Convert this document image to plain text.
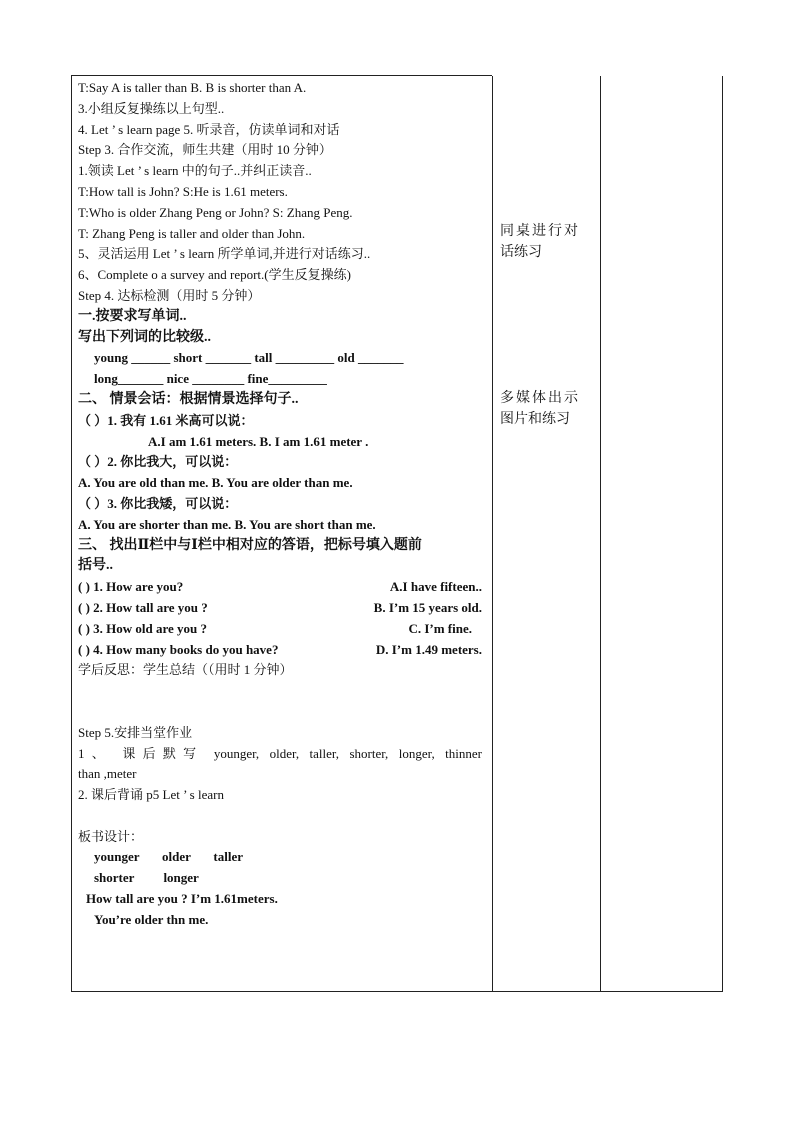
T:Say A is taller than B. B is shorter than A.
3.小组反复操练以上句型..
4. Let ’ s learn page 5. 听录音，仿读单词和对话
Step 3. 合作交流，师生共建（用时 10 分钟）
1.领读 Let ’ s learn 中的句子..并纠正读音..
T:How tall is John? S:He is 1.61 meters.
T:Who is older Zhang Peng or John? S: Zhang Peng.
T: Zhang Peng is taller and older than John.
5、灵活运用 Let ’ s learn 所学单词,并进行对话练习..
6、Complete o a survey and report.(学生反复操练)
Step 4. 达标检测（用时 5 分钟）
一.按要求写单词..
写出下列词的比较级..
young ______ short _______ tall _________ old _______
long_______ nice ________ fine_________
二、 情景会话：根据情景选择句子..
（ ）1. 我有 1.61 米高可以说：
A.I am 1.61 meters. B. I am 1.61 meter .
（ ）2. 你比我大，可以说：
A. You are old than me. B. You are older than me.
（ ）3. 你比我矮，可以说：
A. You are shorter than me. B. You are short than me.
三、 找出Ⅱ栏中与Ⅰ栏中相对应的答语，把标号填入题前
括号..
( ) 1. How are you?	A.I have fifteen..
( ) 2. How tall are you ?	B. I’m 15 years old.
( ) 3. How old are you ?	C. I’m fine.
( ) 4. How many books do you have?	D. I’m 1.49 meters.
学后反思：学生总结（（用时 1 分钟）
Step 5.安排当堂作业
1、 课后默写 younger, older, taller, shorter, longer, thinner
than ,meter
2. 课后背诵 p5 Let ’ s learn
板书设计：
younger       older       taller
shorter         longer
How tall are you ? I’m 1.61meters.
You’re older thn me.
同桌进行对
话练习
多媒体出示
图片和练习
